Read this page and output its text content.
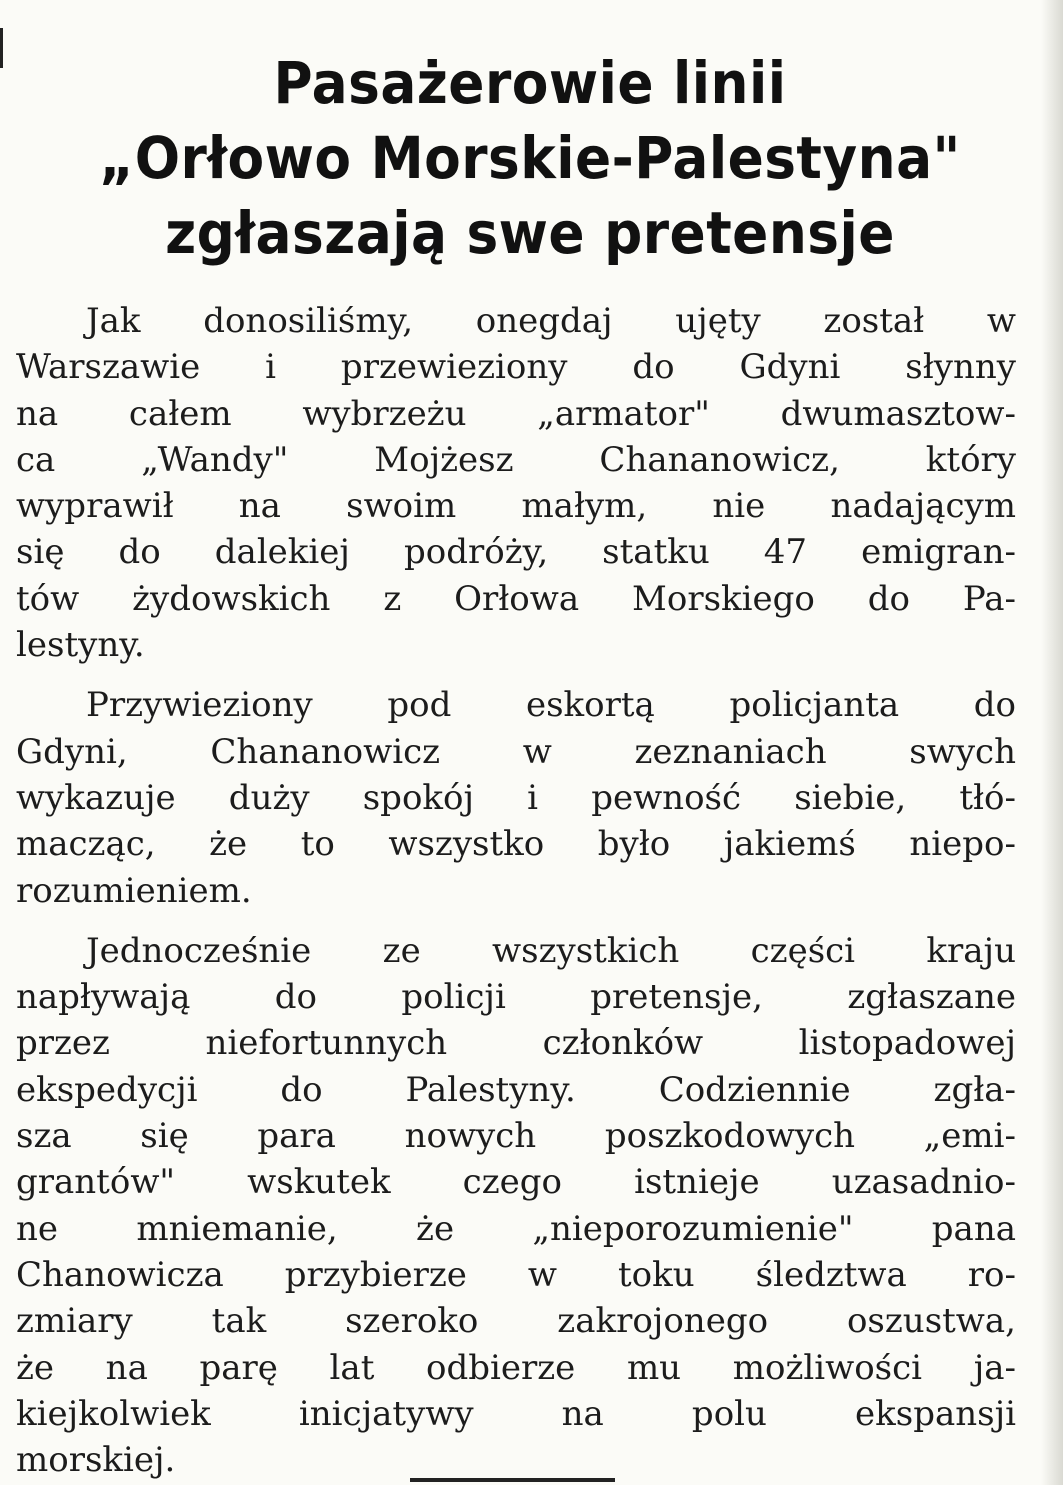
Pasażerowie linii
„Orłowo Morskie-Palestyna"
zgłaszają swe pretensje
Jak donosiliśmy, onegdaj ujęty został w
Warszawie i przewieziony do Gdyni słynny
na całem wybrzeżu „armator" dwumasztow-
ca „Wandy" Mojżesz Chananowicz, który
wyprawił na swoim małym, nie nadającym
się do dalekiej podróży, statku 47 emigran-
tów żydowskich z Orłowa Morskiego do Pa-
lestyny.
Przywieziony pod eskortą policjanta do
Gdyni, Chananowicz w zeznaniach swych
wykazuje duży spokój i pewność siebie, tłó-
macząc, że to wszystko było jakiemś niepo-
rozumieniem.
Jednocześnie ze wszystkich części kraju
napływają do policji pretensje, zgłaszane
przez niefortunnych członków listopadowej
ekspedycji do Palestyny. Codziennie zgła-
sza się para nowych poszkodowych „emi-
grantów" wskutek czego istnieje uzasadnio-
ne mniemanie, że „nieporozumienie" pana
Chanowicza przybierze w toku śledztwa ro-
zmiary tak szeroko zakrojonego oszustwa,
że na parę lat odbierze mu możliwości ja-
kiejkolwiek inicjatywy na polu ekspansji
morskiej.
